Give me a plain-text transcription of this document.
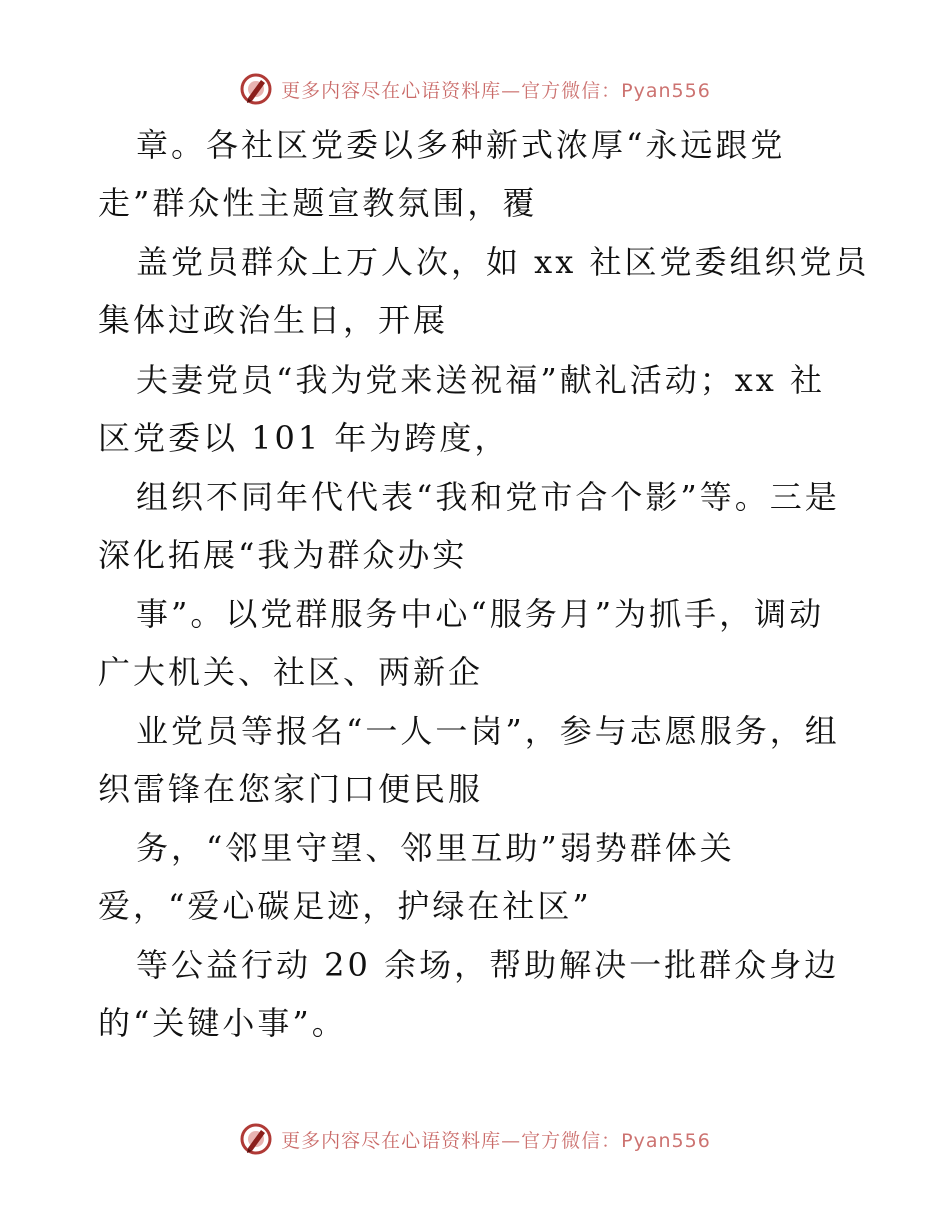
更多内容尽在心语资料库—官方微信：Pyan556
章。各社区党委以多种新式浓厚“永远跟党
走”群众性主题宣教氛围，覆
盖党员群众上万人次，如 xx 社区党委组织党员
集体过政治生日，开展
夫妻党员“我为党来送祝福”献礼活动；xx 社
区党委以 101 年为跨度，
组织不同年代代表“我和党市合个影”等。三是
深化拓展“我为群众办实
事”。以党群服务中心“服务月”为抓手，调动
广大机关、社区、两新企
业党员等报名“一人一岗”，参与志愿服务，组
织雷锋在您家门口便民服
务，“邻里守望、邻里互助”弱势群体关
爱，“爱心碳足迹，护绿在社区”
等公益行动 20 余场，帮助解决一批群众身边
的“关键小事”。
更多内容尽在心语资料库—官方微信：Pyan556
